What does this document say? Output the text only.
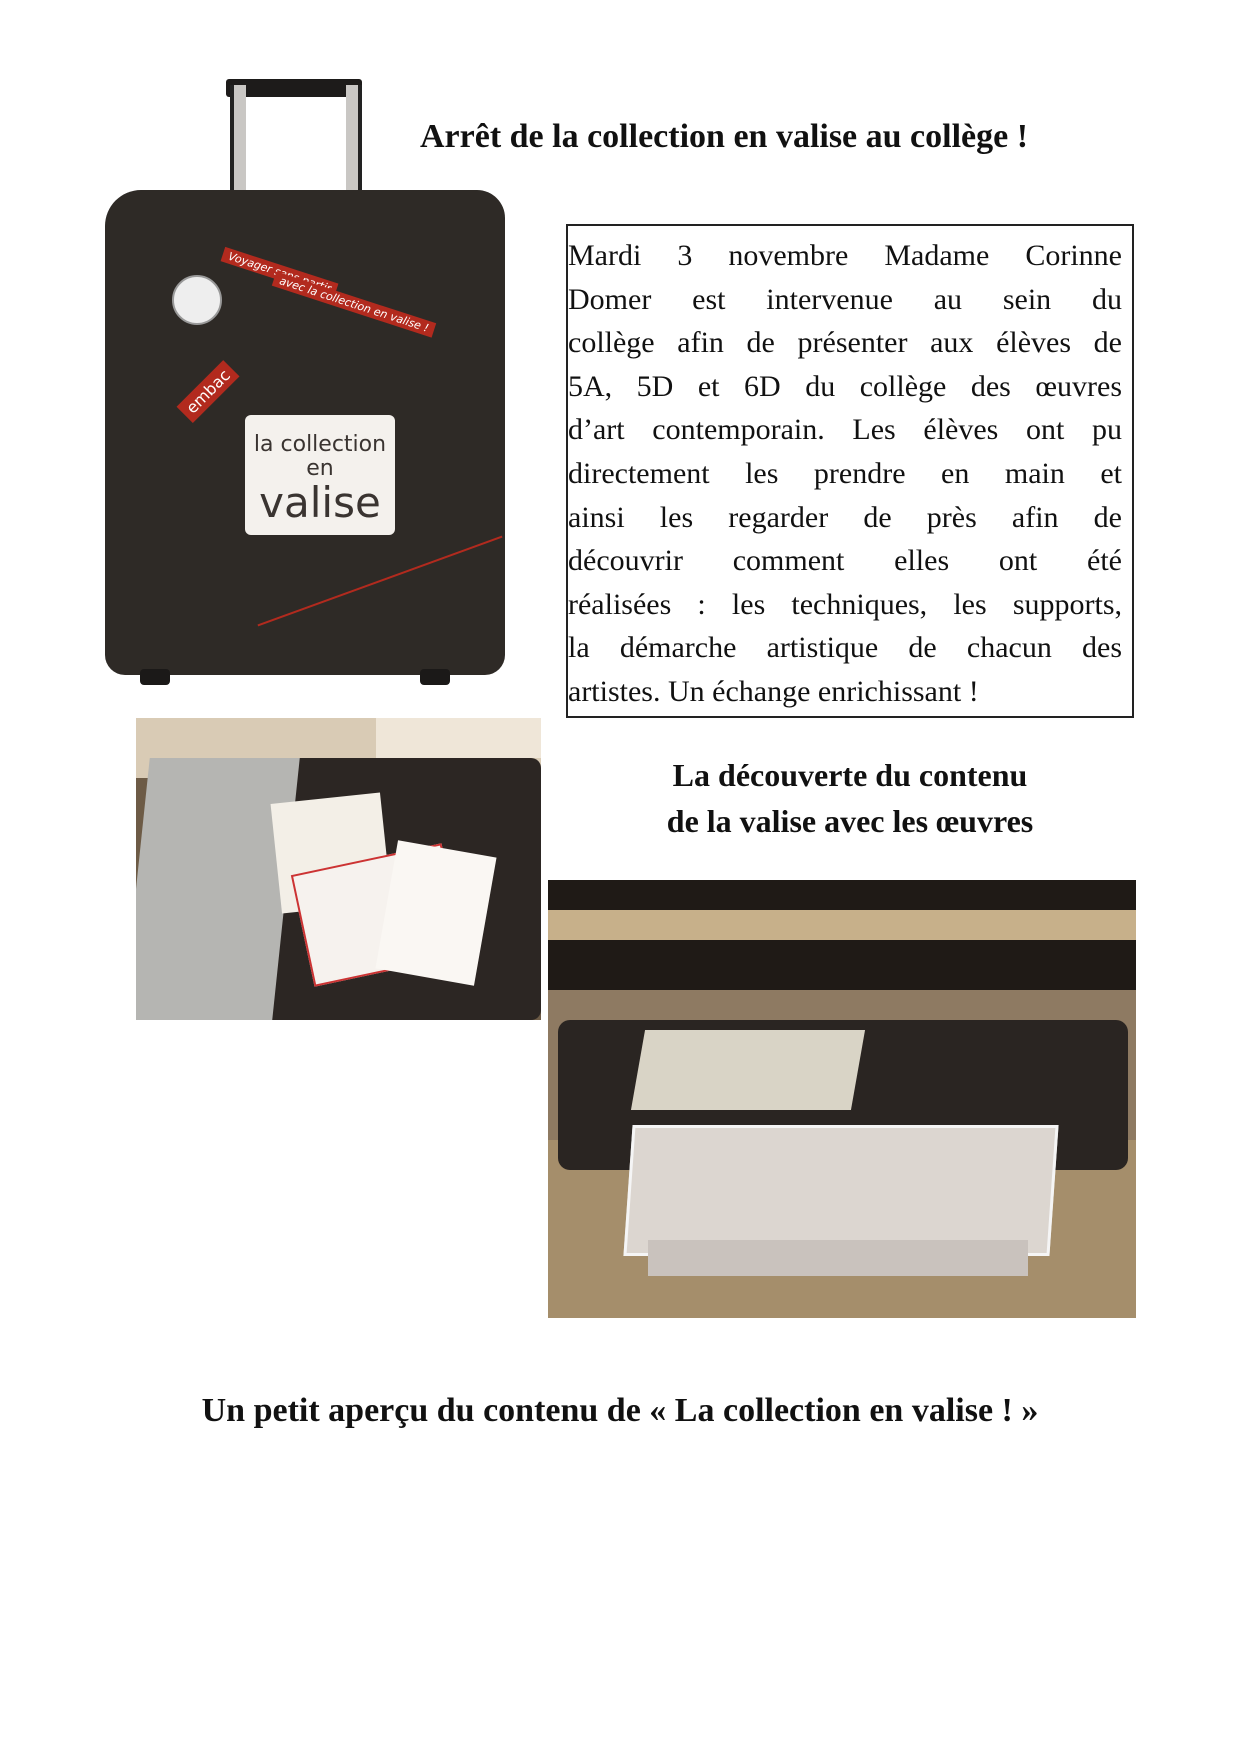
Arrêt de la collection en valise au collège !
Voyager
avec la collection en valise !
embac
la collection en
valise

Mardi 3 novembre Madame Corinne

Domer est intervenue au sein du

collège afin de présenter aux élèves de

5A, 5D et 6D du collège des œuvres

d’art contemporain. Les élèves ont pu

directement les prendre en main et

ainsi les regarder de près afin de

découvrir comment elles ont été

réalisées : les techniques, les supports,

la démarche artistique de chacun des

artistes. Un échange enrichissant !

La découverte du contenu
de la valise avec les œuvres
Un petit aperçu du contenu de « La collection en valise ! »
